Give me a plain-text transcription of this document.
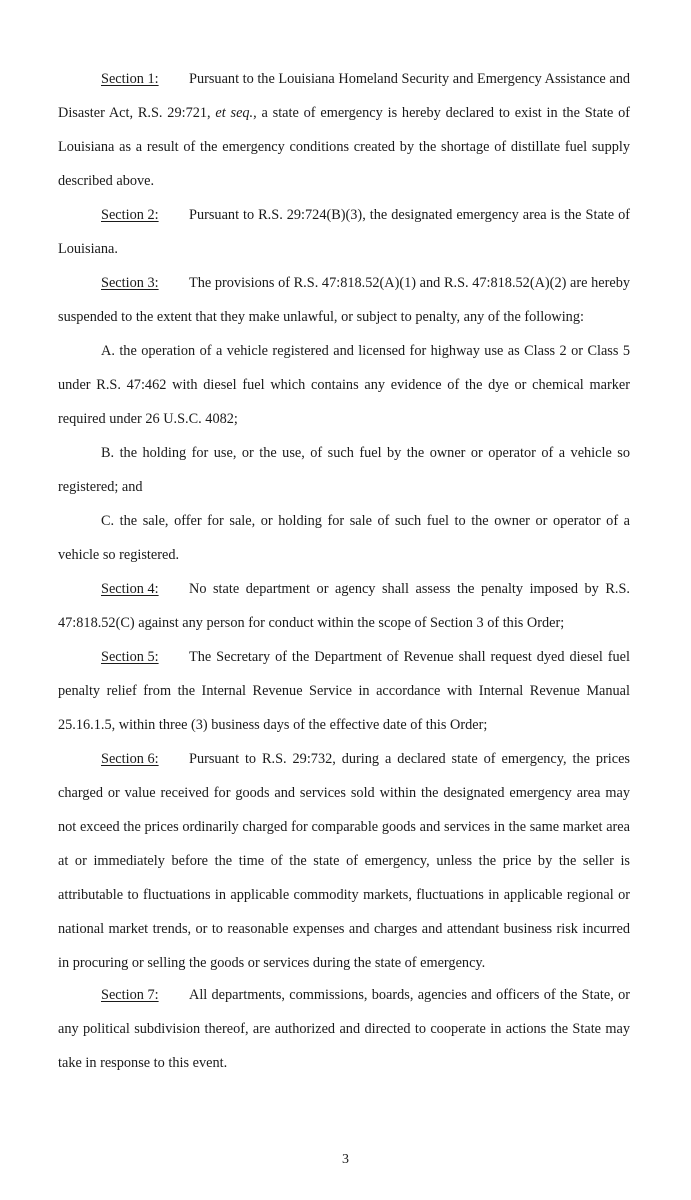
Section 1: Pursuant to the Louisiana Homeland Security and Emergency Assistance and Disaster Act, R.S. 29:721, et seq., a state of emergency is hereby declared to exist in the State of Louisiana as a result of the emergency conditions created by the shortage of distillate fuel supply described above.

Section 2: Pursuant to R.S. 29:724(B)(3), the designated emergency area is the State of Louisiana.

Section 3: The provisions of R.S. 47:818.52(A)(1) and R.S. 47:818.52(A)(2) are hereby suspended to the extent that they make unlawful, or subject to penalty, any of the following:

A. the operation of a vehicle registered and licensed for highway use as Class 2 or Class 5 under R.S. 47:462 with diesel fuel which contains any evidence of the dye or chemical marker required under 26 U.S.C. 4082;

B. the holding for use, or the use, of such fuel by the owner or operator of a vehicle so registered; and

C. the sale, offer for sale, or holding for sale of such fuel to the owner or operator of a vehicle so registered.

Section 4: No state department or agency shall assess the penalty imposed by R.S. 47:818.52(C) against any person for conduct within the scope of Section 3 of this Order;

Section 5: The Secretary of the Department of Revenue shall request dyed diesel fuel penalty relief from the Internal Revenue Service in accordance with Internal Revenue Manual 25.16.1.5, within three (3) business days of the effective date of this Order;

Section 6: Pursuant to R.S. 29:732, during a declared state of emergency, the prices charged or value received for goods and services sold within the designated emergency area may not exceed the prices ordinarily charged for comparable goods and services in the same market area at or immediately before the time of the state of emergency, unless the price by the seller is attributable to fluctuations in applicable commodity markets, fluctuations in applicable regional or national market trends, or to reasonable expenses and charges and attendant business risk incurred in procuring or selling the goods or services during the state of emergency.

Section 7: All departments, commissions, boards, agencies and officers of the State, or any political subdivision thereof, are authorized and directed to cooperate in actions the State may take in response to this event.

3
